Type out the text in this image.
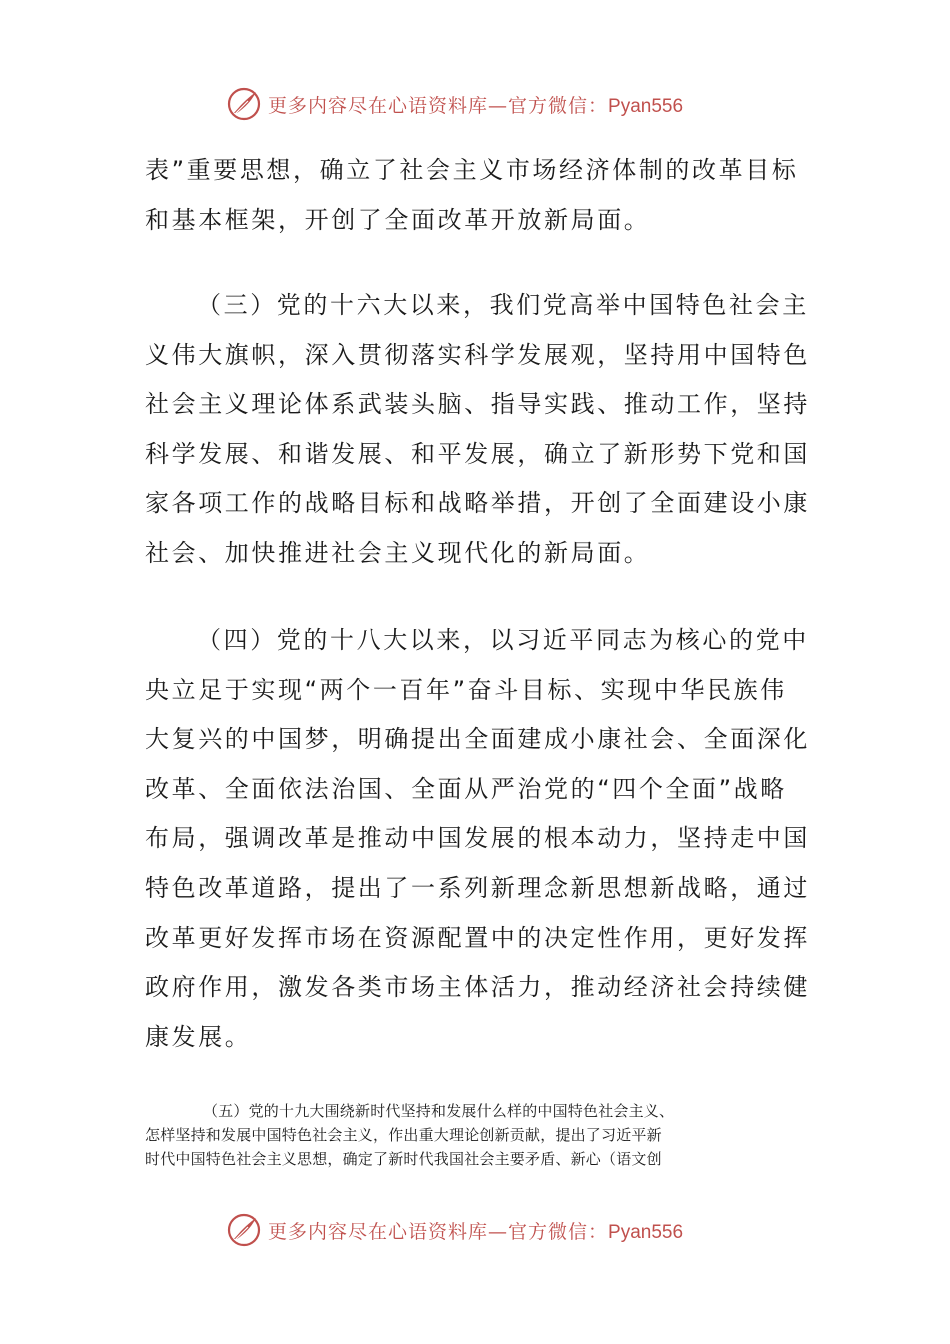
更多内容尽在心语资料库—官方微信：Pyan556
表”重要思想，确立了社会主义市场经济体制的改革目标
和基本框架，开创了全面改革开放新局面。
（三）党的十六大以来，我们党高举中国特色社会主
义伟大旗帜，深入贯彻落实科学发展观，坚持用中国特色
社会主义理论体系武装头脑、指导实践、推动工作，坚持
科学发展、和谐发展、和平发展，确立了新形势下党和国
家各项工作的战略目标和战略举措，开创了全面建设小康
社会、加快推进社会主义现代化的新局面。
（四）党的十八大以来，以习近平同志为核心的党中
央立足于实现“两个一百年”奋斗目标、实现中华民族伟
大复兴的中国梦，明确提出全面建成小康社会、全面深化
改革、全面依法治国、全面从严治党的“四个全面”战略
布局，强调改革是推动中国发展的根本动力，坚持走中国
特色改革道路，提出了一系列新理念新思想新战略，通过
改革更好发挥市场在资源配置中的决定性作用，更好发挥
政府作用，激发各类市场主体活力，推动经济社会持续健
康发展。
（五）党的十九大围绕新时代坚持和发展什么样的中国特色社会主义、
怎样坚持和发展中国特色社会主义，作出重大理论创新贡献，提出了习近平新
时代中国特色社会主义思想，确定了新时代我国社会主要矛盾、新心（语文创
更多内容尽在心语资料库—官方微信：Pyan556
